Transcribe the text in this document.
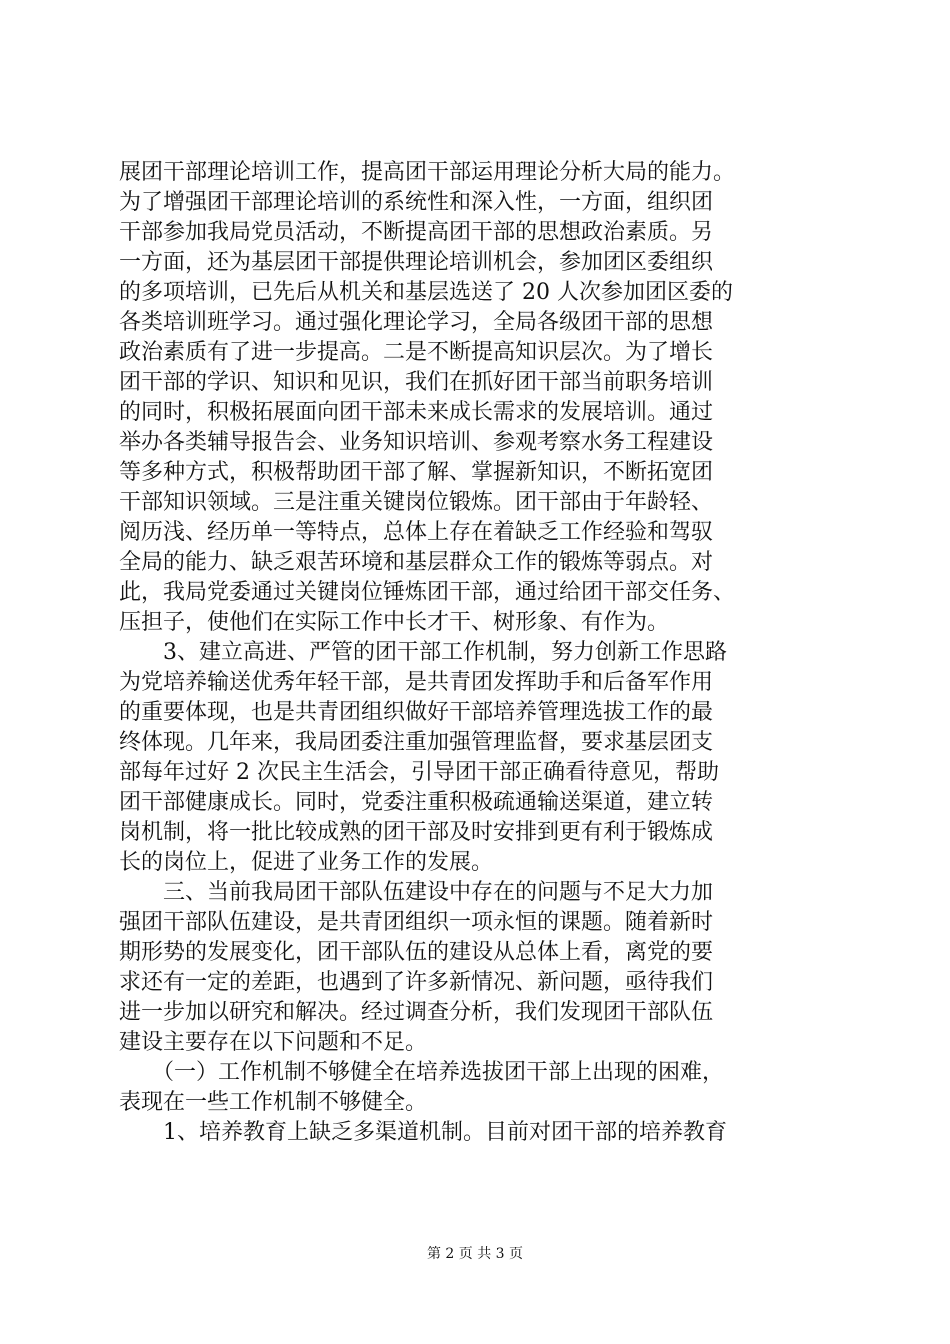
展团干部理论培训工作，提高团干部运用理论分析大局的能力。
为了增强团干部理论培训的系统性和深入性，一方面，组织团
干部参加我局党员活动，不断提高团干部的思想政治素质。另
一方面，还为基层团干部提供理论培训机会，参加团区委组织
的多项培训，已先后从机关和基层选送了 20 人次参加团区委的
各类培训班学习。通过强化理论学习，全局各级团干部的思想
政治素质有了进一步提高。二是不断提高知识层次。为了增长
团干部的学识、知识和见识，我们在抓好团干部当前职务培训
的同时，积极拓展面向团干部未来成长需求的发展培训。通过
举办各类辅导报告会、业务知识培训、参观考察水务工程建设
等多种方式，积极帮助团干部了解、掌握新知识，不断拓宽团
干部知识领域。三是注重关键岗位锻炼。团干部由于年龄轻、
阅历浅、经历单一等特点，总体上存在着缺乏工作经验和驾驭
全局的能力、缺乏艰苦环境和基层群众工作的锻炼等弱点。对
此，我局党委通过关键岗位锤炼团干部，通过给团干部交任务、
压担子，使他们在实际工作中长才干、树形象、有作为。
　　3、建立高进、严管的团干部工作机制，努力创新工作思路
为党培养输送优秀年轻干部，是共青团发挥助手和后备军作用
的重要体现，也是共青团组织做好干部培养管理选拔工作的最
终体现。几年来，我局团委注重加强管理监督，要求基层团支
部每年过好 2 次民主生活会，引导团干部正确看待意见，帮助
团干部健康成长。同时，党委注重积极疏通输送渠道，建立转
岗机制，将一批比较成熟的团干部及时安排到更有利于锻炼成
长的岗位上，促进了业务工作的发展。
　　三、当前我局团干部队伍建设中存在的问题与不足大力加
强团干部队伍建设，是共青团组织一项永恒的课题。随着新时
期形势的发展变化，团干部队伍的建设从总体上看，离党的要
求还有一定的差距，也遇到了许多新情况、新问题，亟待我们
进一步加以研究和解决。经过调查分析，我们发现团干部队伍
建设主要存在以下问题和不足。
　　（一）工作机制不够健全在培养选拔团干部上出现的困难，
表现在一些工作机制不够健全。
　　1、培养教育上缺乏多渠道机制。目前对团干部的培养教育
第 2 页 共 3 页
